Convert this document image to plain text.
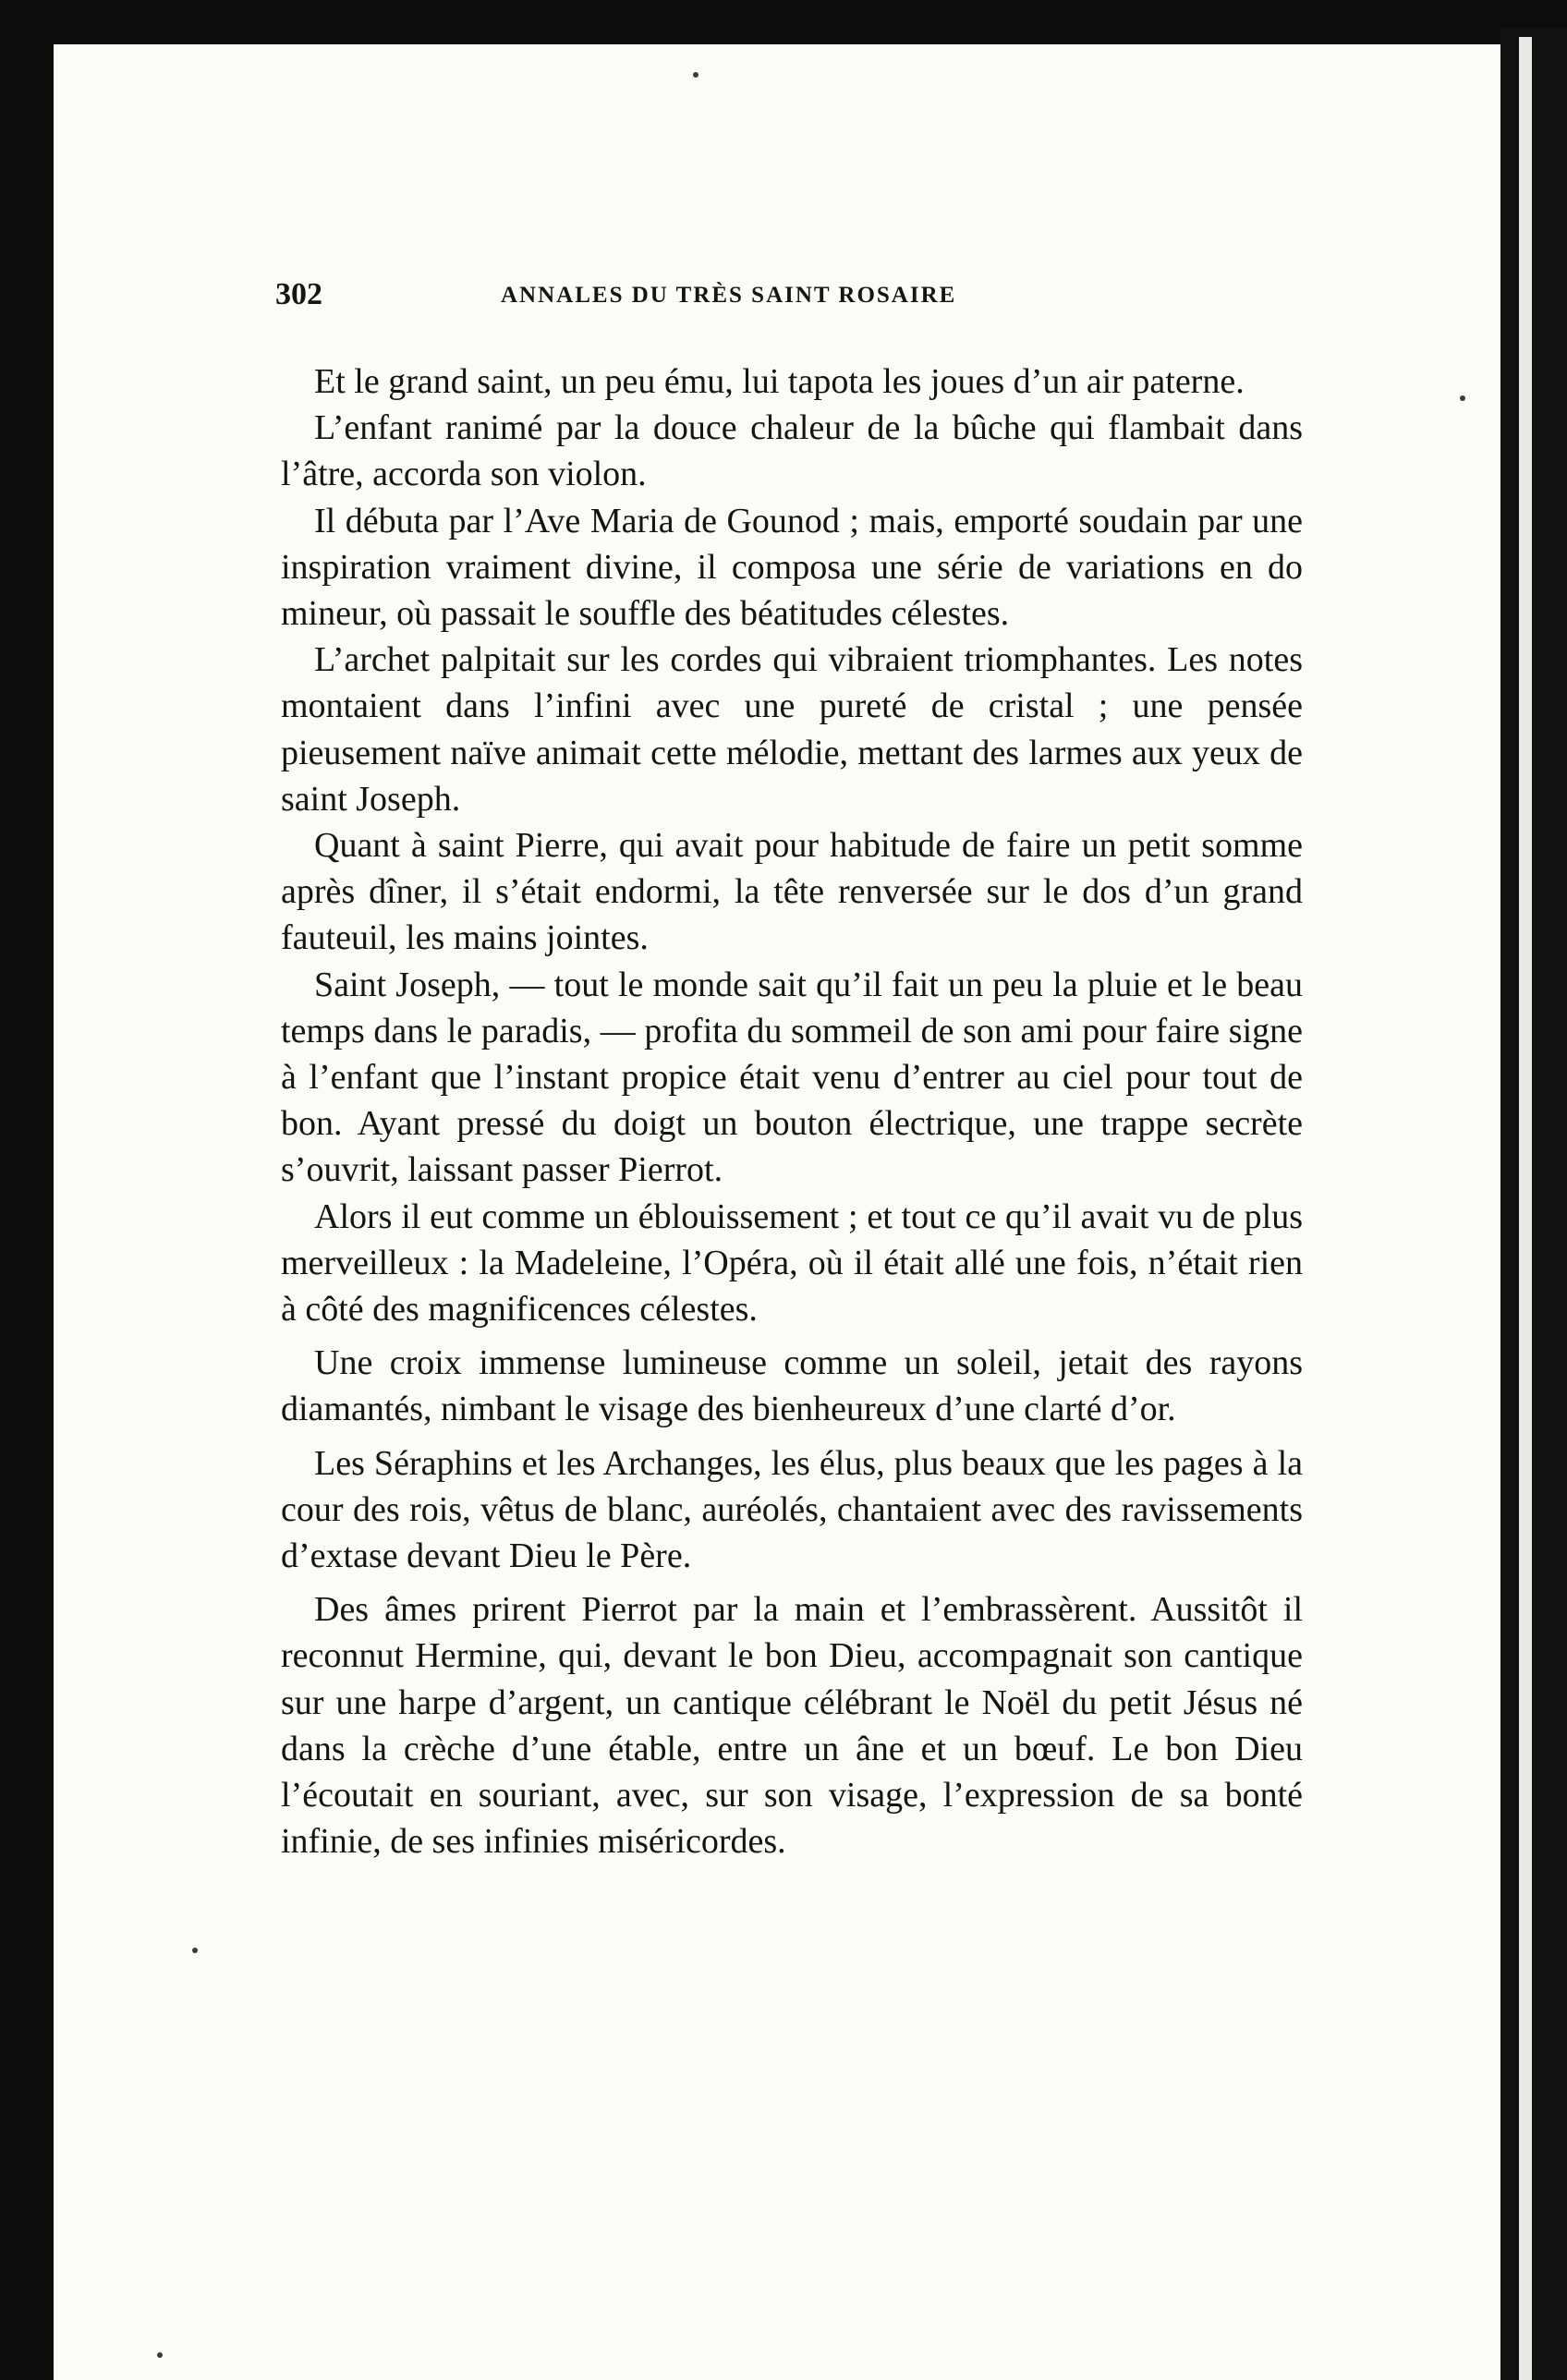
302	ANNALES DU TRÈS SAINT ROSAIRE

Et le grand saint, un peu ému, lui tapota les joues d’un air paterne.

L’enfant ranimé par la douce chaleur de la bûche qui flambait dans l’âtre, accorda son violon.

Il débuta par l’Ave Maria de Gounod ; mais, emporté soudain par une inspiration vraiment divine, il composa une série de variations en do mineur, où passait le souffle des béatitudes célestes.

L’archet palpitait sur les cordes qui vibraient triomphantes. Les notes montaient dans l’infini avec une pureté de cristal ; une pensée pieusement naïve animait cette mélodie, mettant des larmes aux yeux de saint Joseph.

Quant à saint Pierre, qui avait pour habitude de faire un petit somme après dîner, il s’était endormi, la tête renversée sur le dos d’un grand fauteuil, les mains jointes.

Saint Joseph, — tout le monde sait qu’il fait un peu la pluie et le beau temps dans le paradis, — profita du sommeil de son ami pour faire signe à l’enfant que l’instant propice était venu d’entrer au ciel pour tout de bon. Ayant pressé du doigt un bouton électrique, une trappe secrète s’ouvrit, laissant passer Pierrot.

Alors il eut comme un éblouissement ; et tout ce qu’il avait vu de plus merveilleux : la Madeleine, l’Opéra, où il était allé une fois, n’était rien à côté des magnificences célestes.

Une croix immense lumineuse comme un soleil, jetait des rayons diamantés, nimbant le visage des bienheureux d’une clarté d’or.

Les Séraphins et les Archanges, les élus, plus beaux que les pages à la cour des rois, vêtus de blanc, auréolés, chantaient avec des ravissements d’extase devant Dieu le Père.

Des âmes prirent Pierrot par la main et l’embrassèrent. Aussitôt il reconnut Hermine, qui, devant le bon Dieu, accompagnait son cantique sur une harpe d’argent, un cantique célébrant le Noël du petit Jésus né dans la crèche d’une étable, entre un âne et un bœuf. Le bon Dieu l’écoutait en souriant, avec, sur son visage, l’expression de sa bonté infinie, de ses infinies miséricordes.
